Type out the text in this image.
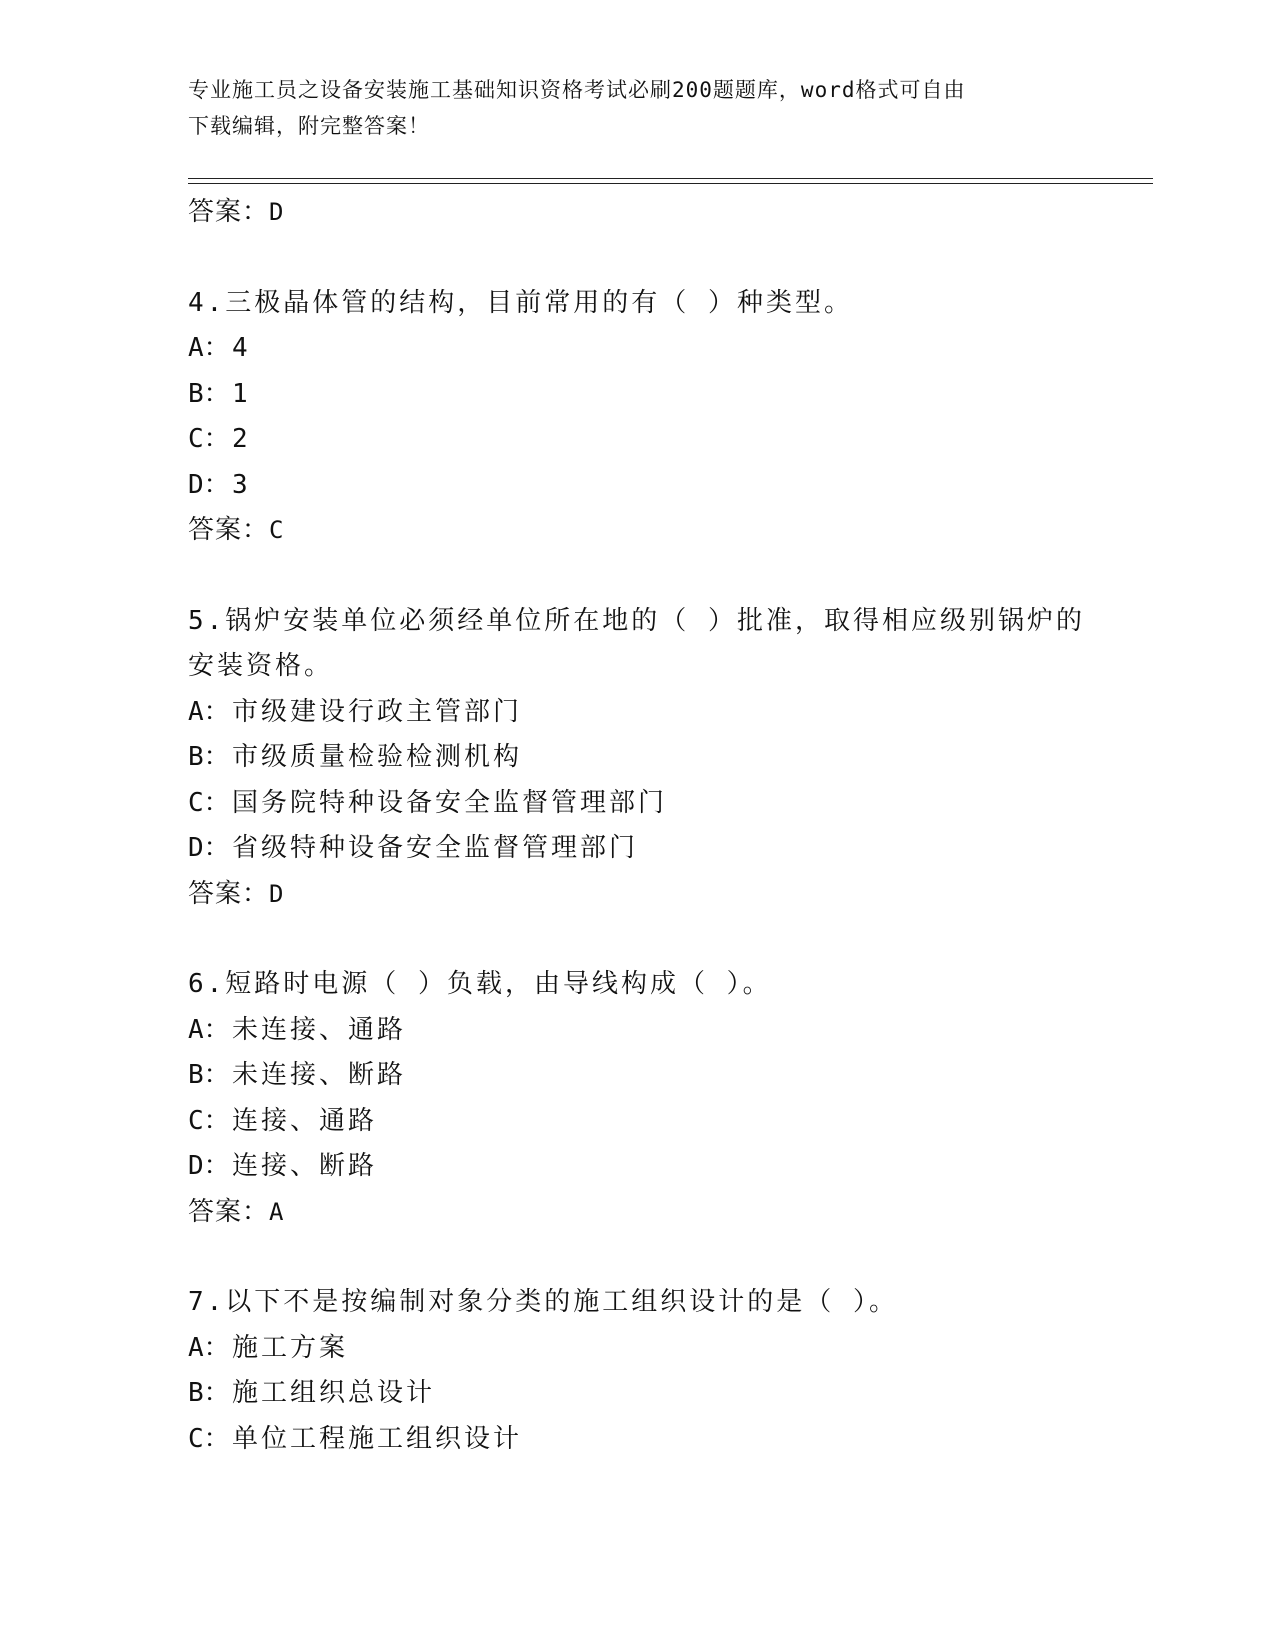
专业施工员之设备安装施工基础知识资格考试必刷200题题库，word格式可自由
下载编辑，附完整答案！
答案：D
4.三极晶体管的结构，目前常用的有（ ）种类型。
A：4
B：1
C：2
D：3
答案：C
5.锅炉安装单位必须经单位所在地的（ ）批准，取得相应级别锅炉的
安装资格。
A：市级建设行政主管部门
B：市级质量检验检测机构
C：国务院特种设备安全监督管理部门
D：省级特种设备安全监督管理部门
答案：D
6.短路时电源（ ）负载，由导线构成（ ）。
A：未连接、通路
B：未连接、断路
C：连接、通路
D：连接、断路
答案：A
7.以下不是按编制对象分类的施工组织设计的是（ ）。
A：施工方案
B：施工组织总设计
C：单位工程施工组织设计
